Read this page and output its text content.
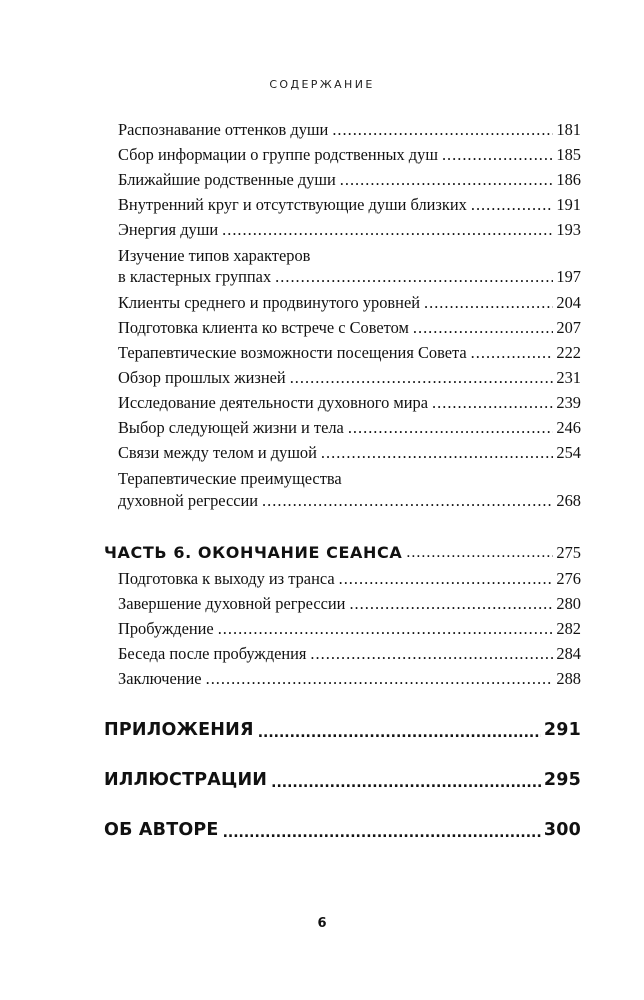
СОДЕРЖАНИЕ
Распознавание оттенков души .....	181
Сбор информации о группе родственных душ .....	185
Ближайшие родственные души .....	186
Внутренний круг и отсутствующие души близких .....	191
Энергия души .....	193
Изучение типов характеров
в кластерных группах .....	197
Клиенты среднего и продвинутого уровней .....	204
Подготовка клиента ко встрече с Советом .....	207
Терапевтические возможности посещения Совета .....	222
Обзор прошлых жизней .....	231
Исследование деятельности духовного мира .....	239
Выбор следующей жизни и тела .....	246
Связи между телом и душой .....	254
Терапевтические преимущества
духовной регрессии .....	268
ЧАСТЬ 6. ОКОНЧАНИЕ СЕАНСА .....	275
Подготовка к выходу из транса .....	276
Завершение духовной регрессии .....	280
Пробуждение .....	282
Беседа после пробуждения .....	284
Заключение .....	288
ПРИЛОЖЕНИЯ .....	291
ИЛЛЮСТРАЦИИ .....	295
ОБ АВТОРЕ .....	300
6
